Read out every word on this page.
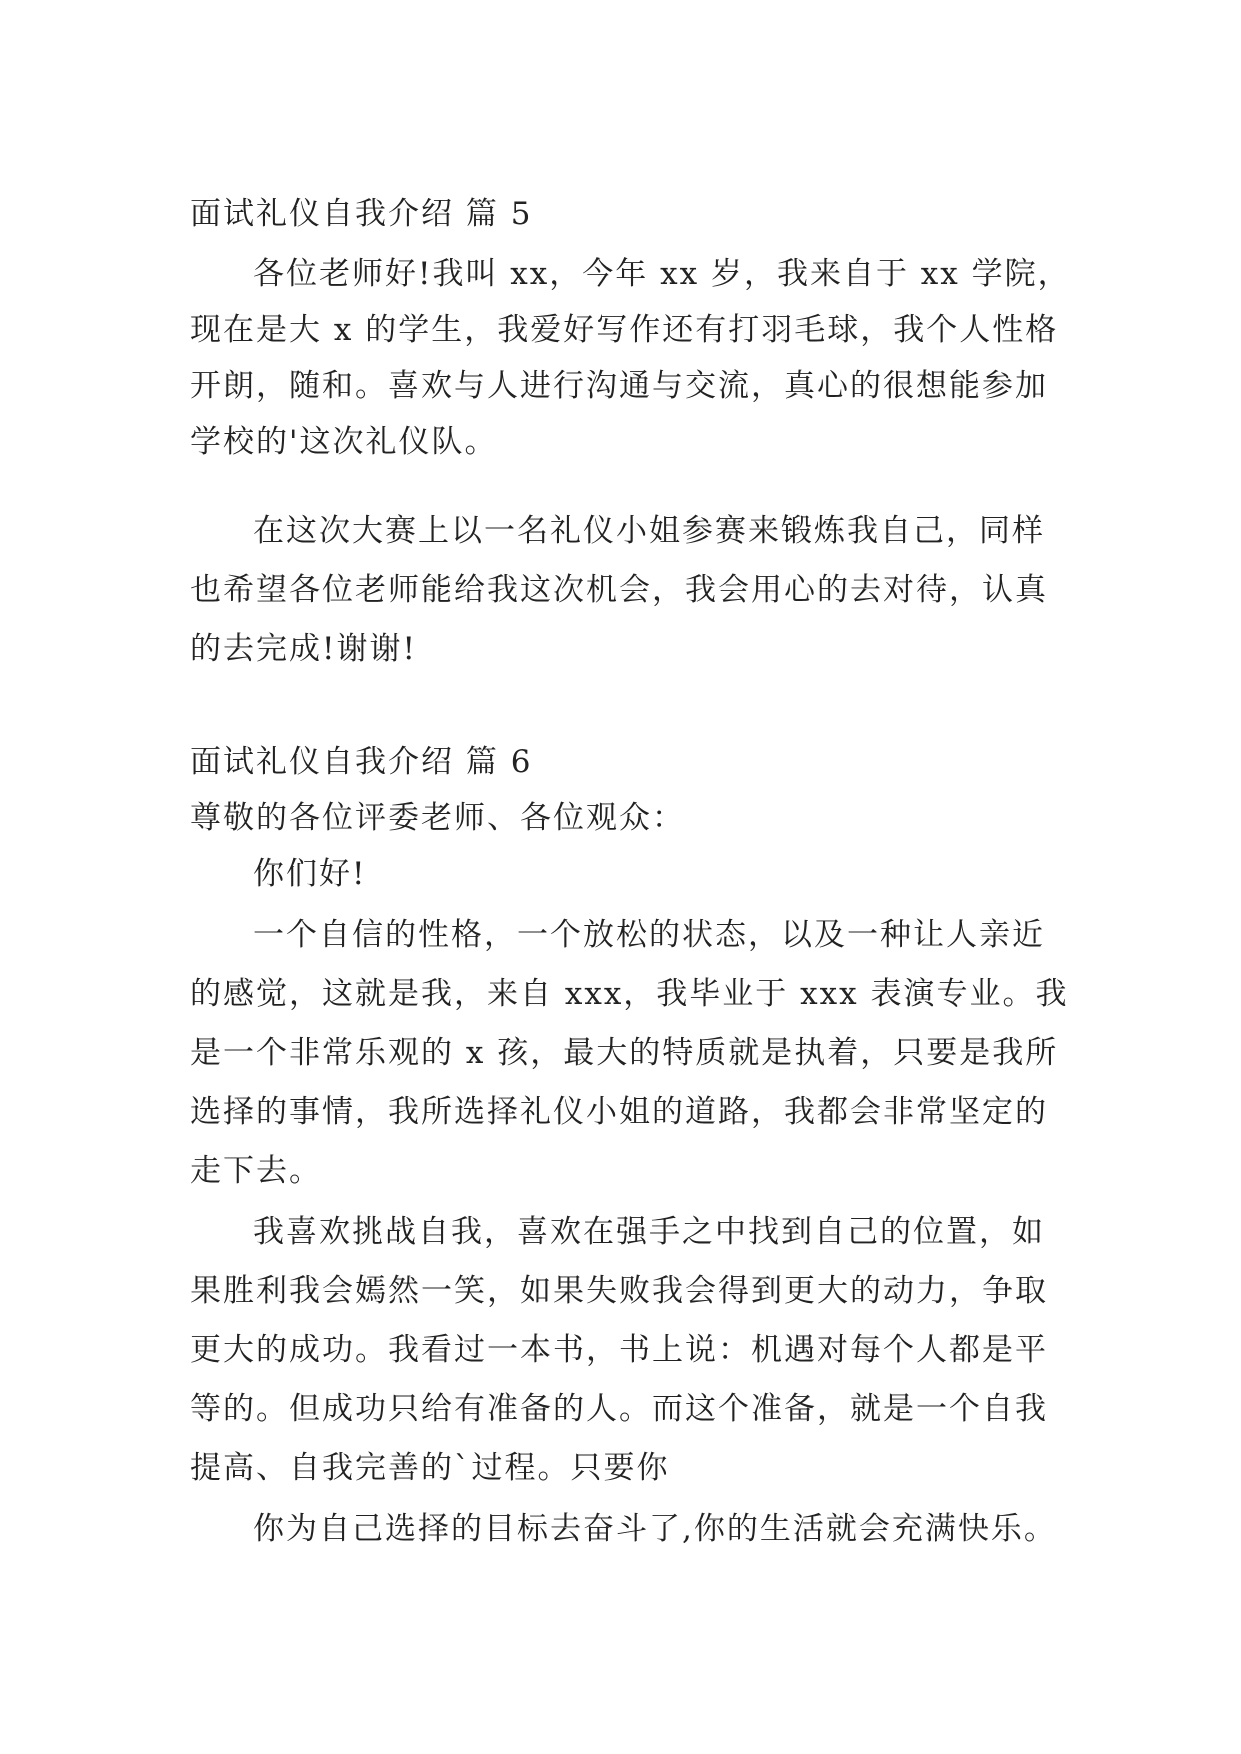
面试礼仪自我介绍 篇 5
各位老师好!我叫 xx，今年 xx 岁，我来自于 xx 学院，
现在是大 x 的学生，我爱好写作还有打羽毛球，我个人性格
开朗，随和。喜欢与人进行沟通与交流，真心的很想能参加
学校的'这次礼仪队。
在这次大赛上以一名礼仪小姐参赛来锻炼我自己，同样
也希望各位老师能给我这次机会，我会用心的去对待，认真
的去完成!谢谢!
面试礼仪自我介绍 篇 6
尊敬的各位评委老师、各位观众：
你们好!
一个自信的性格，一个放松的状态，以及一种让人亲近
的感觉，这就是我，来自 xxx，我毕业于 xxx 表演专业。我
是一个非常乐观的 x 孩，最大的特质就是执着，只要是我所
选择的事情，我所选择礼仪小姐的道路，我都会非常坚定的
走下去。
我喜欢挑战自我，喜欢在强手之中找到自己的位置，如
果胜利我会嫣然一笑，如果失败我会得到更大的动力，争取
更大的成功。我看过一本书，书上说：机遇对每个人都是平
等的。但成功只给有准备的人。而这个准备，就是一个自我
提高、自我完善的`过程。只要你
你为自己选择的目标去奋斗了,你的生活就会充满快乐。
